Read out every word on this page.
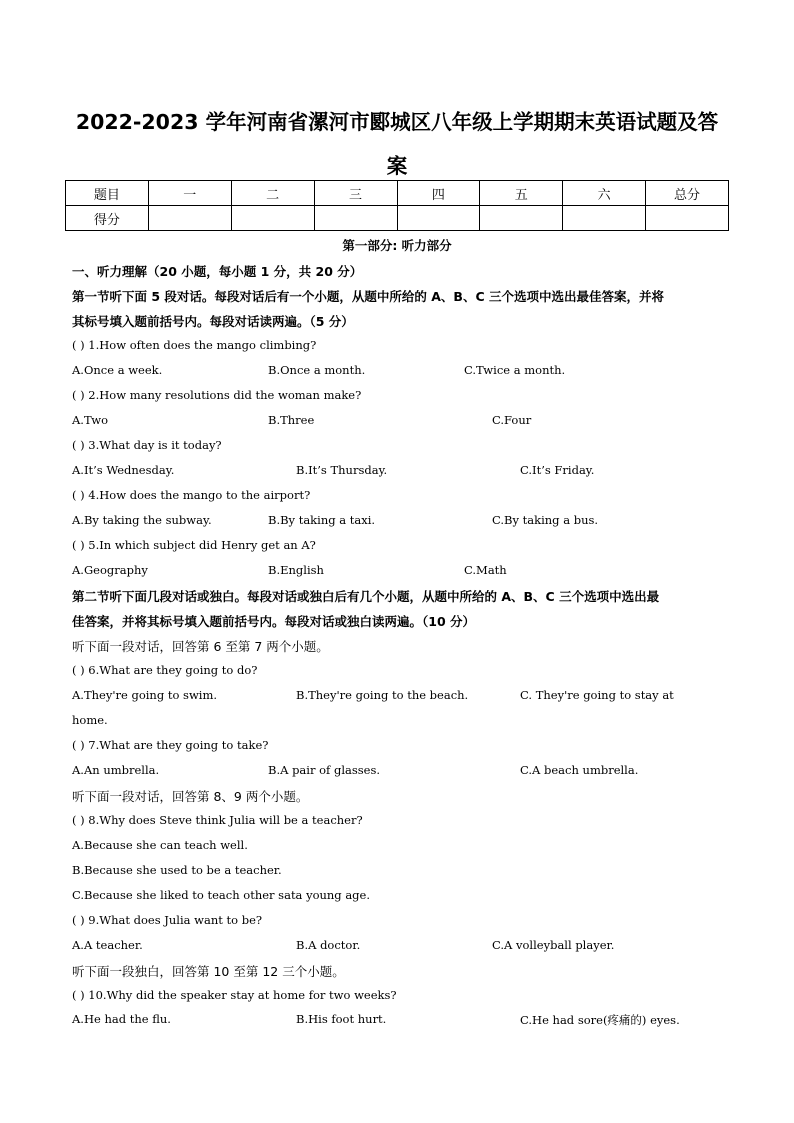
2022-2023 学年河南省漯河市郾城区八年级上学期期末英语试题及答
案
题目	一	二	三	四	五	六	总分
得分							
第一部分: 听力部分
一、听力理解（20 小题，每小题 1 分，共 20 分）
第一节听下面 5 段对话。每段对话后有一个小题，从题中所给的 A、B、C 三个选项中选出最佳答案，并将
其标号填入题前括号内。每段对话读两遍。（5 分）
( ) 1.How often does the mango climbing?
A.Once a week.	B.Once a month.	C.Twice a month.
( ) 2.How many resolutions did the woman make?
A.Two	B.Three	C.Four
( ) 3.What day is it today?
A.It’s Wednesday.	B.It’s Thursday.	C.It’s Friday.
( ) 4.How does the mango to the airport?
A.By taking the subway.	B.By taking a taxi.	C.By taking a bus.
( ) 5.In which subject did Henry get an A?
A.Geography	B.English	C.Math
第二节听下面几段对话或独白。每段对话或独白后有几个小题，从题中所给的 A、B、C 三个选项中选出最
佳答案，并将其标号填入题前括号内。每段对话或独白读两遍。（10 分）
听下面一段对话，回答第 6 至第 7 两个小题。
( ) 6.What are they going to do?
A.They're going to swim.	B.They're going to the beach.	C. They're going to stay at
home.
( ) 7.What are they going to take?
A.An umbrella.	B.A pair of glasses.	C.A beach umbrella.
听下面一段对话，回答第 8、9 两个小题。
( ) 8.Why does Steve think Julia will be a teacher?
A.Because she can teach well.
B.Because she used to be a teacher.
C.Because she liked to teach other sata young age.
( ) 9.What does Julia want to be?
A.A teacher.	B.A doctor.	C.A volleyball player.
听下面一段独白，回答第 10 至第 12 三个小题。
( ) 10.Why did the speaker stay at home for two weeks?
A.He had the flu.	B.His foot hurt.	C.He had sore(疼痛的) eyes.
